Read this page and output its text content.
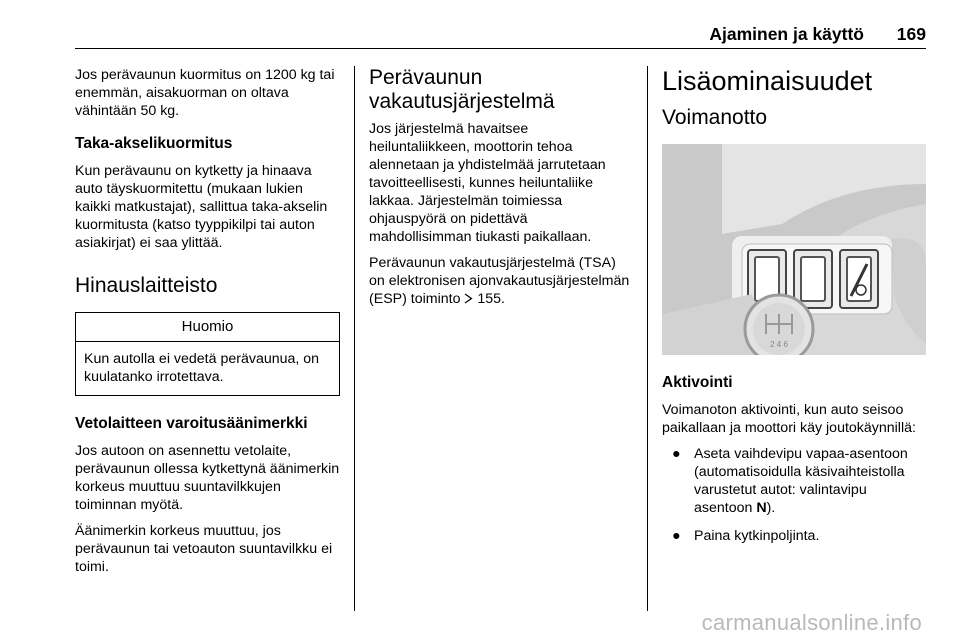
Ajaminen ja käyttö 169

Jos perävaunun kuormitus on 1200 kg tai enemmän, aisakuorman on oltava vähintään 50 kg.

Taka-akselikuormitus

Kun perävaunu on kytketty ja hinaava auto täyskuormitettu (mukaan lukien kaikki matkustajat), sallittua taka-akselin kuormitusta (katso tyyppikilpi tai auton asiakirjat) ei saa ylittää.

Hinauslaitteisto
Huomio
Kun autolla ei vedetä perävaunua, on kuulatanko irrotettava.
Vetolaitteen varoitusäänimerkki

Jos autoon on asennettu vetolaite, perävaunun ollessa kytkettynä äänimerkin korkeus muuttuu suuntavilkkujen toiminnan myötä.

Äänimerkin korkeus muuttuu, jos perävaunun tai vetoauton suuntavilkku ei toimi.

Perävaunun vakautusjärjestelmä

Jos järjestelmä havaitsee heiluntaliikkeen, moottorin tehoa alennetaan ja yhdistelmää jarrutetaan tavoitteellisesti, kunnes heiluntaliike lakkaa. Järjestelmän toimiessa ohjauspyörä on pidettävä mahdollisimman tiukasti paikallaan.

Perävaunun vakautusjärjestelmä (TSA) on elektronisen ajonvakautusjärjestelmän (ESP) toiminto 155.

Lisäominaisuudet
Voimanotto
2 4 6
Aktivointi

Voimanoton aktivointi, kun auto seisoo paikallaan ja moottori käy joutokäynnillä:

● Aseta vaihdevipu vapaa-asentoon (automatisoidulla käsivaihteistolla varustetut autot: valintavipu asentoon N).
● Paina kytkinpoljinta.
carmanualsonline.info
